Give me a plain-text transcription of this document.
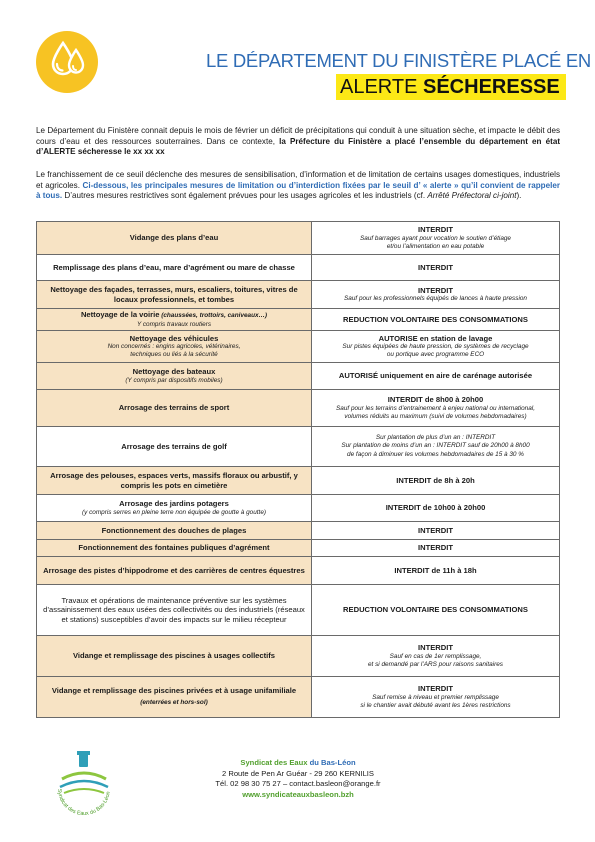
LE DÉPARTEMENT DU FINISTÈRE PLACÉ EN
ALERTE SÉCHERESSE

Le Département du Finistère connait depuis le mois de février un déficit de précipitations qui conduit à une situation sèche, et impacte le débit des cours d’eau et des ressources souterraines. Dans ce contexte, la Préfecture du Finistère a placé l’ensemble du département en état d’ALERTE sécheresse le xx xx xx

Le franchissement de ce seuil déclenche des mesures de sensibilisation, d’information et de limitation de certains usages domestiques, industriels et agricoles. Ci-dessous, les principales mesures de limitation ou d’interdiction fixées par le seuil d’ « alerte » qu’il convient de rappeler à tous. D’autres mesures restrictives sont également prévues pour les usages agricoles et les industriels (cf. Arrêté Préfectoral ci-joint).

Vidange des plans d’eau	INTERDIT
Sauf barrages ayant pour vocation le soutien d’étiage
et/ou l’alimentation en eau potable

Remplissage des plans d’eau, mare d’agrément ou mare de chasse	INTERDIT

Nettoyage des façades, terrasses, murs, escaliers, toitures, vitres de locaux professionnels, et tombes	INTERDIT
Sauf pour les professionnels équipés de lances à haute pression

Nettoyage de la voirie (chaussées, trottoirs, caniveaux…)
Y compris travaux routiers	REDUCTION VOLONTAIRE DES CONSOMMATIONS

Nettoyage des véhicules
Non concernés : engins agricoles, vétérinaires,
techniques ou liés à la sécurité	AUTORISE en station de lavage
Sur pistes équipées de haute pression, de systèmes de recyclage
ou portique avec programme ECO

Nettoyage des bateaux
(Y compris par dispositifs mobiles)	AUTORISÉ uniquement en aire de carénage autorisée

Arrosage des terrains de sport	INTERDIT de 8h00 à 20h00
Sauf pour les terrains d’entrainement à enjeu national ou international,
volumes réduits au maximum (suivi de volumes hebdomadaires)

Arrosage des terrains de golf	Sur plantation de plus d’un an : INTERDIT
Sur plantation de moins d’un an : INTERDIT sauf de 20h00 à 8h00
de façon à diminuer les volumes hebdomadaires de 15 à 30 %

Arrosage des pelouses, espaces verts, massifs floraux ou arbustif, y compris les pots en cimetière	INTERDIT de 8h à 20h

Arrosage des jardins potagers
(y compris serres en pleine terre non équipée de goutte à goutte)	INTERDIT de 10h00 à 20h00

Fonctionnement des douches de plages	INTERDIT

Fonctionnement des fontaines publiques d’agrément	INTERDIT

Arrosage des pistes d’hippodrome et des carrières de centres équestres	INTERDIT de 11h à 18h

Travaux et opérations de maintenance préventive sur les systèmes d’assainissement des eaux usées des collectivités ou des industriels (réseaux et stations) susceptibles d’avoir des impacts sur le milieu récepteur	REDUCTION VOLONTAIRE DES CONSOMMATIONS

Vidange et remplissage des piscines à usages collectifs	INTERDIT
Sauf en cas de 1er remplissage,
et si demandé par l’ARS pour raisons sanitaires

Vidange et remplissage des piscines privées et à usage unifamiliale (enterrées et hors-sol)	INTERDIT
Sauf remise à niveau et premier remplissage
si le chantier avait débuté avant les 1ères restrictions
Syndicat des Eaux du Bas-Léon
Syndicat des Eaux du Bas-Léon
2 Route de Pen Ar Guéar - 29 260 KERNILIS
Tél. 02 98 30 75 27 – contact.basleon@orange.fr
www.syndicateauxbasleon.bzh
